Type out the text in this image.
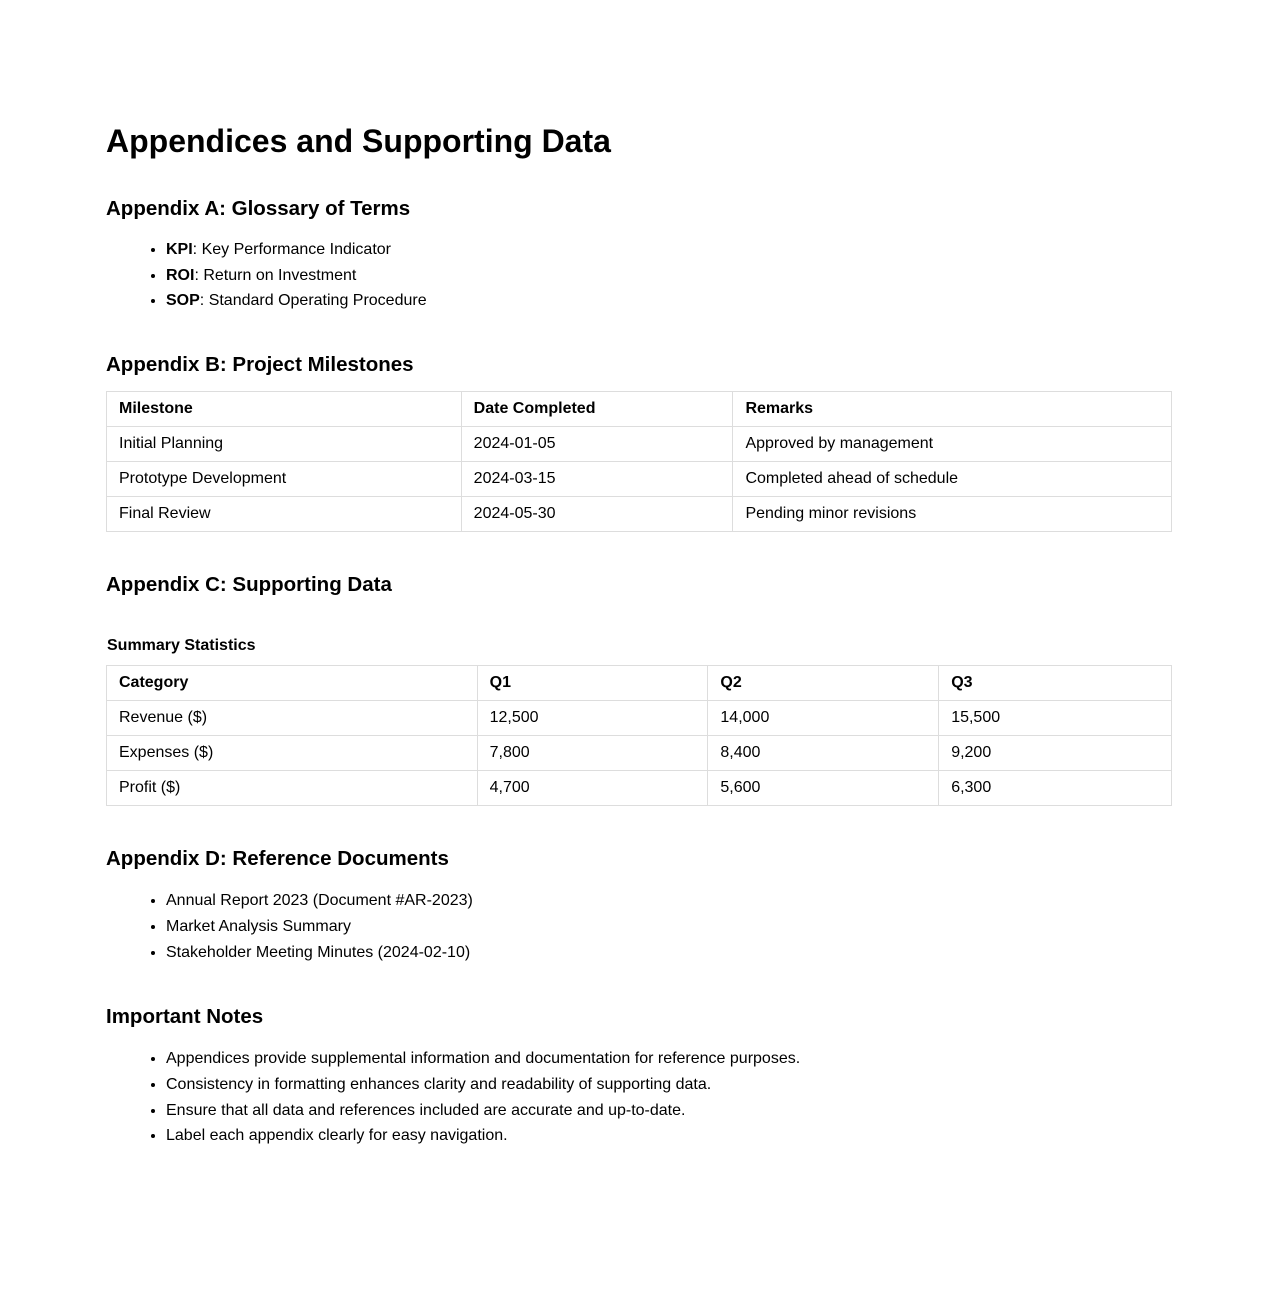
Appendices and Supporting Data
Appendix A: Glossary of Terms
• KPI: Key Performance Indicator
• ROI: Return on Investment
• SOP: Standard Operating Procedure
Appendix B: Project Milestones
Milestone	Date Completed	Remarks
Initial Planning	2024-01-05	Approved by management
Prototype Development	2024-03-15	Completed ahead of schedule
Final Review	2024-05-30	Pending minor revisions
Appendix C: Supporting Data
Summary Statistics
Category	Q1	Q2	Q3
Revenue ($)	12,500	14,000	15,500
Expenses ($)	7,800	8,400	9,200
Profit ($)	4,700	5,600	6,300
Appendix D: Reference Documents
• Annual Report 2023 (Document #AR-2023)
• Market Analysis Summary
• Stakeholder Meeting Minutes (2024-02-10)
Important Notes
• Appendices provide supplemental information and documentation for reference purposes.
• Consistency in formatting enhances clarity and readability of supporting data.
• Ensure that all data and references included are accurate and up-to-date.
• Label each appendix clearly for easy navigation.
